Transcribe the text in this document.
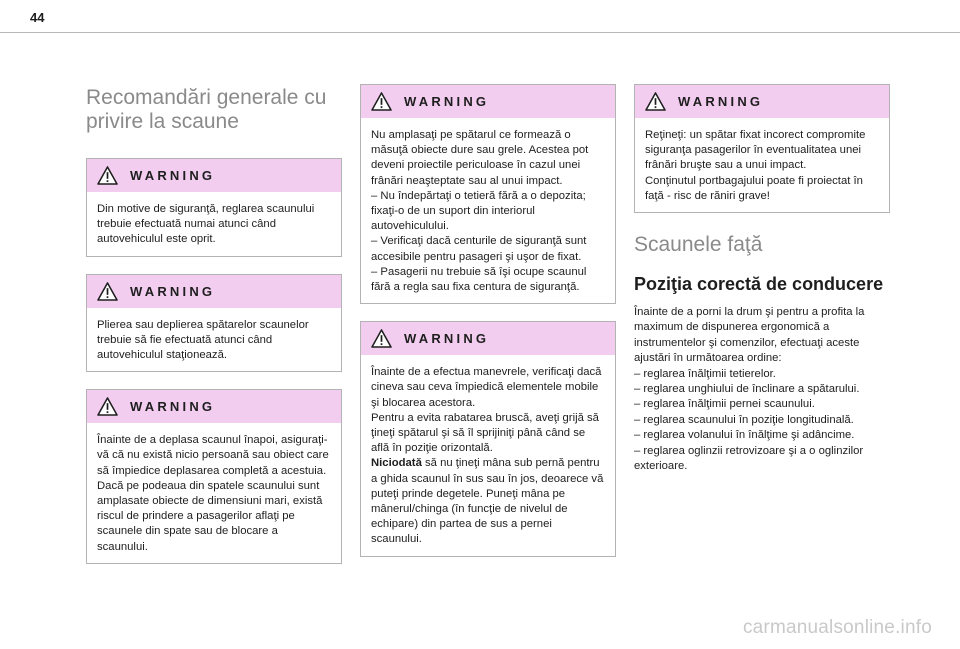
44
Recomandări generale cu privire la scaune
WARNING

Din motive de siguranţă, reglarea scaunului trebuie efectuată numai atunci când autovehiculul este oprit.

WARNING

Plierea sau deplierea spătarelor scaunelor trebuie să fie efectuată atunci când autovehiculul staţionează.

WARNING

Înainte de a deplasa scaunul înapoi, asiguraţi-vă că nu există nicio persoană sau obiect care să împiedice deplasarea completă a acestuia.

Dacă pe podeaua din spatele scaunului sunt amplasate obiecte de dimensiuni mari, există riscul de prindere a pasagerilor aflaţi pe scaunele din spate sau de blocare a scaunului.

WARNING

Nu amplasaţi pe spătarul ce formează o măsuţă obiecte dure sau grele. Acestea pot deveni proiectile periculoase în cazul unei frânări neaşteptate sau al unui impact.

– Nu îndepărtaţi o tetieră fără a o depozita; fixaţi-o de un suport din interiorul autovehiculului.

– Verificaţi dacă centurile de siguranţă sunt accesibile pentru pasageri şi uşor de fixat.

– Pasagerii nu trebuie să îşi ocupe scaunul fără a regla sau fixa centura de siguranţă.

WARNING

Înainte de a efectua manevrele, verificaţi dacă cineva sau ceva împiedică elementele mobile şi blocarea acestora.

Pentru a evita rabatarea bruscă, aveţi grijă să ţineţi spătarul şi să îl sprijiniţi până când se află în poziţie orizontală.

Niciodată să nu ţineţi mâna sub pernă pentru a ghida scaunul în sus sau în jos, deoarece vă puteţi prinde degetele. Puneţi mâna pe mânerul/chinga (în funcţie de nivelul de echipare) din partea de sus a pernei scaunului.

WARNING

Reţineţi: un spătar fixat incorect compromite siguranţa pasagerilor în eventualitatea unei frânări bruşte sau a unui impact.

Conţinutul portbagajului poate fi proiectat în faţă - risc de răniri grave!

Scaunele faţă
Poziţia corectă de conducere

Înainte de a porni la drum şi pentru a profita la maximum de dispunerea ergonomică a instrumentelor şi comenzilor, efectuaţi aceste ajustări în următoarea ordine:

– reglarea înălţimii tetierelor.

– reglarea unghiului de înclinare a spătarului.

– reglarea înălţimii pernei scaunului.

– reglarea scaunului în poziţie longitudinală.

– reglarea volanului în înălţime şi adâncime.

– reglarea oglinzii retrovizoare şi a o oglinzilor exterioare.

carmanualsonline.info
